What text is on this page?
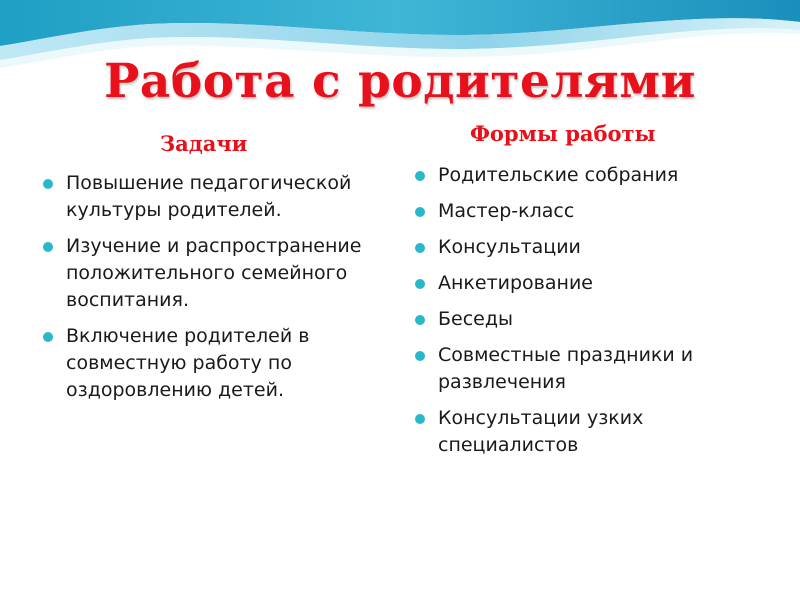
Работа с родителями
Задачи	Формы работы
Повышение педагогической культуры родителей.
Изучение и распространение положительного семейного воспитания.
Включение родителей в совместную работу по оздоровлению детей.
Родительские собрания
Мастер-класс
Консультации
Анкетирование
Беседы
Совместные праздники и развлечения
Консультации узких специалистов
